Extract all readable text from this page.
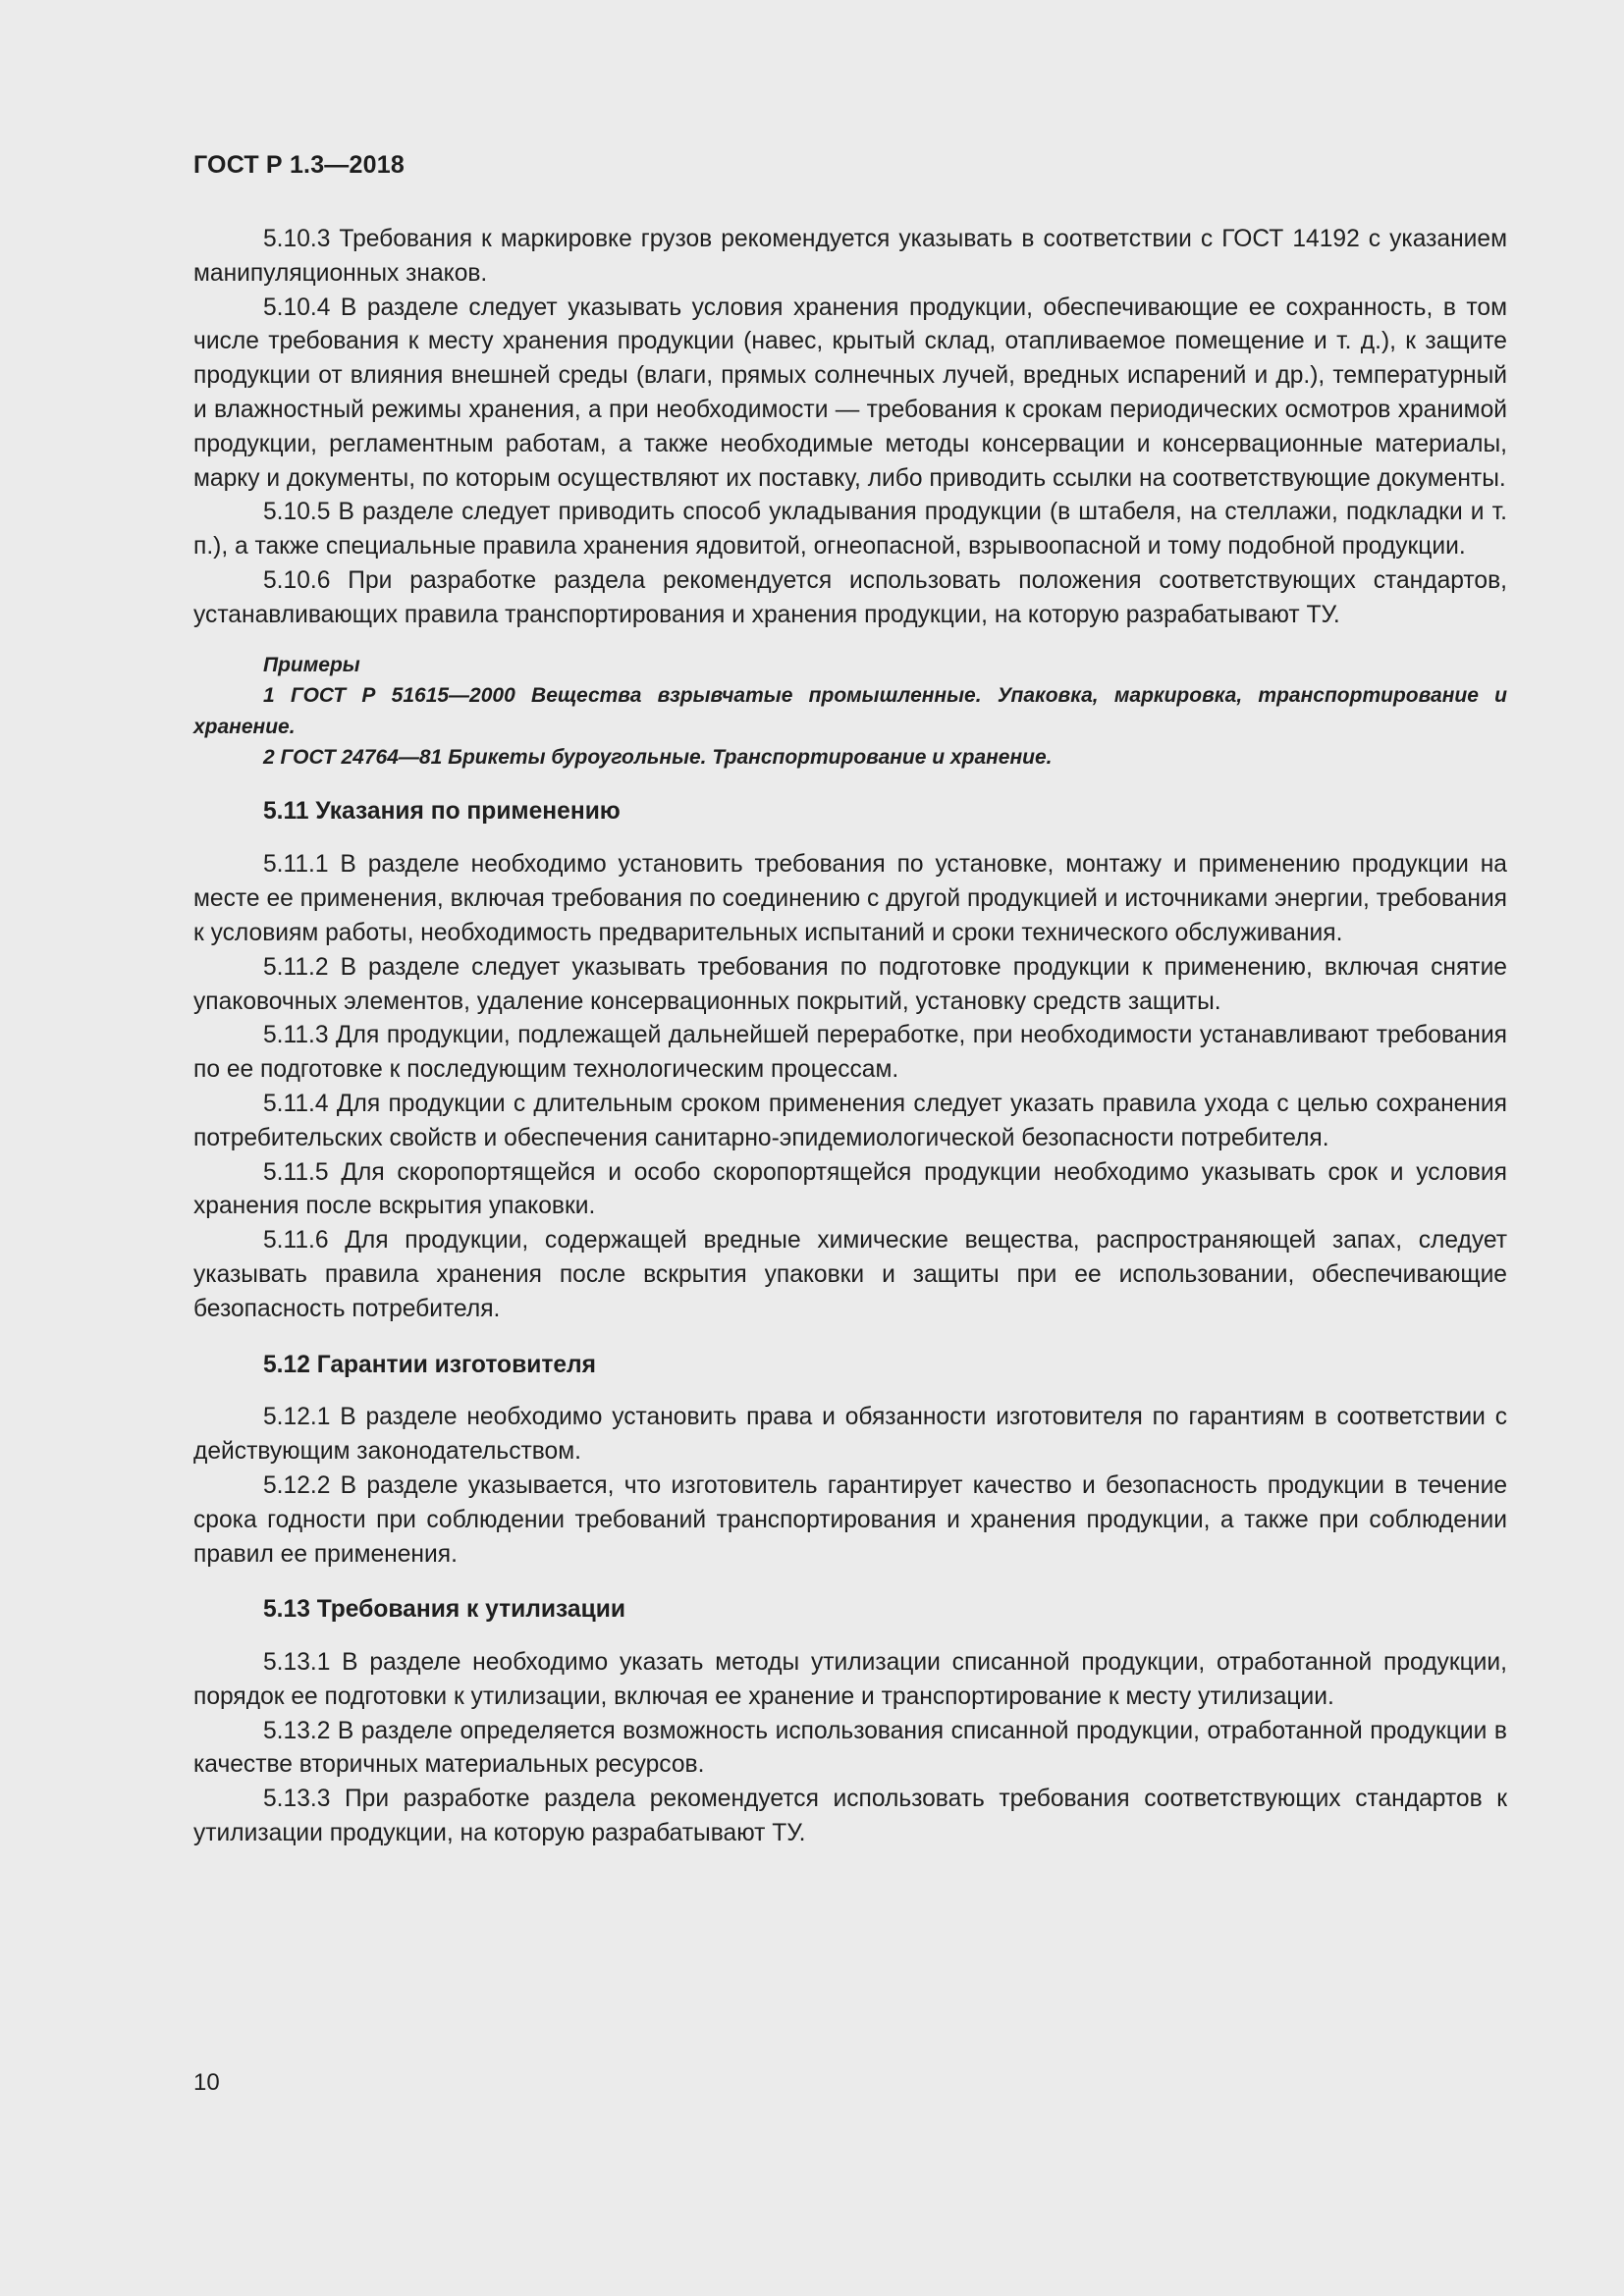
ГОСТ Р 1.3—2018

5.10.3 Требования к маркировке грузов рекомендуется указывать в соответствии с ГОСТ 14192 с указанием манипуляционных знаков.

5.10.4 В разделе следует указывать условия хранения продукции, обеспечивающие ее сохранность, в том числе требования к месту хранения продукции (навес, крытый склад, отапливаемое помещение и т. д.), к защите продукции от влияния внешней среды (влаги, прямых солнечных лучей, вредных испарений и др.), температурный и влажностный режимы хранения, а при необходимости — требования к срокам периодических осмотров хранимой продукции, регламентным работам, а также необходимые методы консервации и консервационные материалы, марку и документы, по которым осуществляют их поставку, либо приводить ссылки на соответствующие документы.

5.10.5 В разделе следует приводить способ укладывания продукции (в штабеля, на стеллажи, подкладки и т. п.), а также специальные правила хранения ядовитой, огнеопасной, взрывоопасной и тому подобной продукции.

5.10.6 При разработке раздела рекомендуется использовать положения соответствующих стандартов, устанавливающих правила транспортирования и хранения продукции, на которую разрабатывают ТУ.

Примеры

1 ГОСТ Р 51615—2000 Вещества взрывчатые промышленные. Упаковка, маркировка, транспортирование и хранение.

2 ГОСТ 24764—81 Брикеты буроугольные. Транспортирование и хранение.

5.11 Указания по применению

5.11.1 В разделе необходимо установить требования по установке, монтажу и применению продукции на месте ее применения, включая требования по соединению с другой продукцией и источниками энергии, требования к условиям работы, необходимость предварительных испытаний и сроки технического обслуживания.

5.11.2 В разделе следует указывать требования по подготовке продукции к применению, включая снятие упаковочных элементов, удаление консервационных покрытий, установку средств защиты.

5.11.3 Для продукции, подлежащей дальнейшей переработке, при необходимости устанавливают требования по ее подготовке к последующим технологическим процессам.

5.11.4 Для продукции с длительным сроком применения следует указать правила ухода с целью сохранения потребительских свойств и обеспечения санитарно-эпидемиологической безопасности потребителя.

5.11.5 Для скоропортящейся и особо скоропортящейся продукции необходимо указывать срок и условия хранения после вскрытия упаковки.

5.11.6 Для продукции, содержащей вредные химические вещества, распространяющей запах, следует указывать правила хранения после вскрытия упаковки и защиты при ее использовании, обеспечивающие безопасность потребителя.

5.12 Гарантии изготовителя

5.12.1 В разделе необходимо установить права и обязанности изготовителя по гарантиям в соответствии с действующим законодательством.

5.12.2 В разделе указывается, что изготовитель гарантирует качество и безопасность продукции в течение срока годности при соблюдении требований транспортирования и хранения продукции, а также при соблюдении правил ее применения.

5.13 Требования к утилизации

5.13.1 В разделе необходимо указать методы утилизации списанной продукции, отработанной продукции, порядок ее подготовки к утилизации, включая ее хранение и транспортирование к месту утилизации.

5.13.2 В разделе определяется возможность использования списанной продукции, отработанной продукции в качестве вторичных материальных ресурсов.

5.13.3 При разработке раздела рекомендуется использовать требования соответствующих стандартов к утилизации продукции, на которую разрабатывают ТУ.

10
